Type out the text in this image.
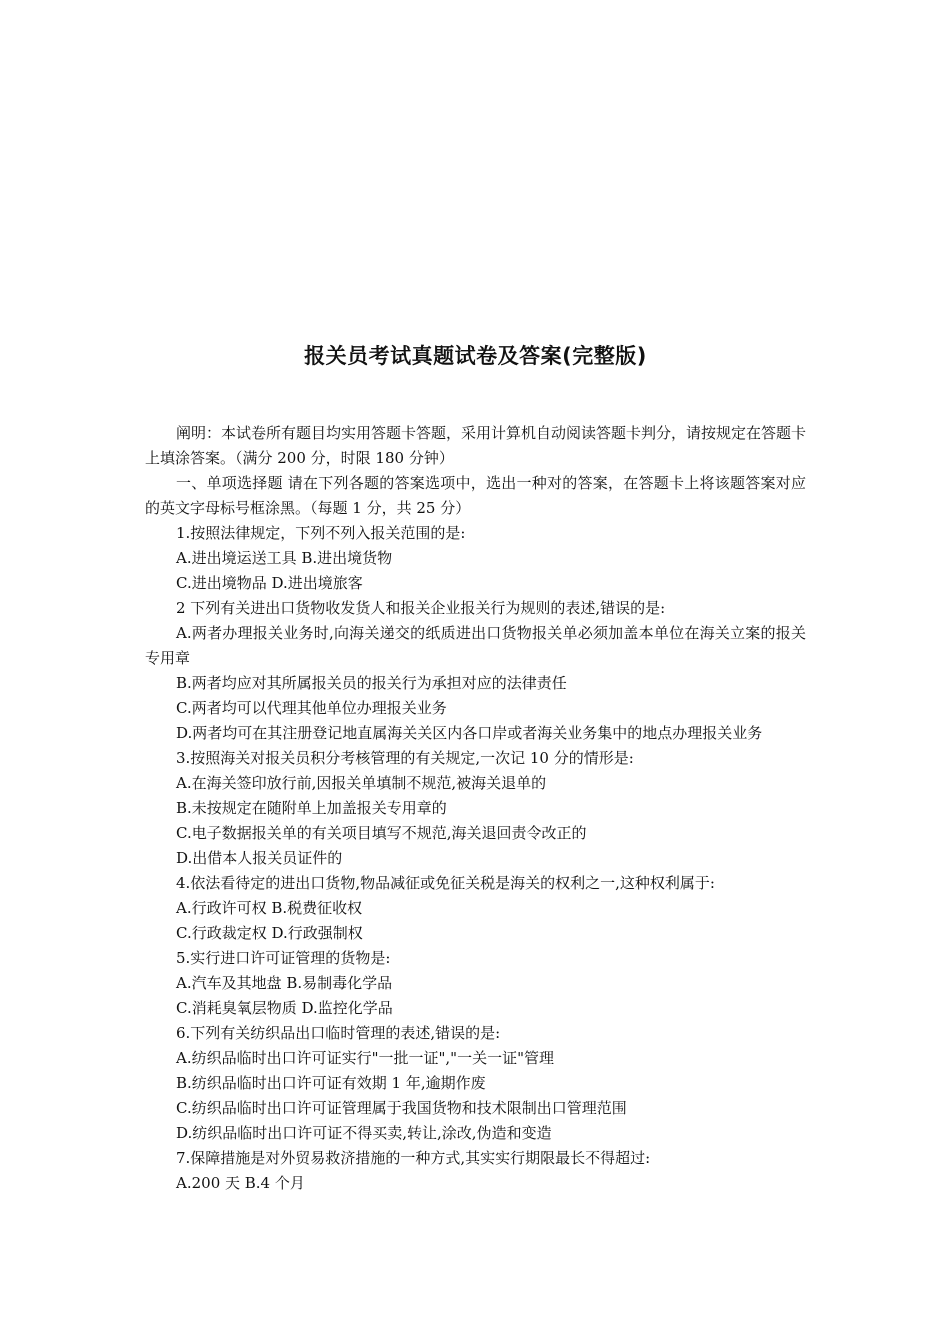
报关员考试真题试卷及答案(完整版)

阐明：本试卷所有题目均实用答题卡答题，采用计算机自动阅读答题卡判分，请按规定在答题卡上填涂答案。（满分 200 分，时限 180 分钟）

一、单项选择题 请在下列各题的答案选项中，选出一种对的答案，在答题卡上将该题答案对应的英文字母标号框涂黑。（每题 1 分，共 25 分）

1.按照法律规定，下列不列入报关范围的是:

A.进出境运送工具 B.进出境货物

C.进出境物品 D.进出境旅客

2 下列有关进出口货物收发货人和报关企业报关行为规则的表述,错误的是:

A.两者办理报关业务时,向海关递交的纸质进出口货物报关单必须加盖本单位在海关立案的报关专用章

B.两者均应对其所属报关员的报关行为承担对应的法律责任

C.两者均可以代理其他单位办理报关业务

D.两者均可在其注册登记地直属海关关区内各口岸或者海关业务集中的地点办理报关业务

3.按照海关对报关员积分考核管理的有关规定,一次记 10 分的情形是:

A.在海关签印放行前,因报关单填制不规范,被海关退单的

B.未按规定在随附单上加盖报关专用章的

C.电子数据报关单的有关项目填写不规范,海关退回责令改正的

D.出借本人报关员证件的

4.依法看待定的进出口货物,物品减征或免征关税是海关的权利之一,这种权利属于:

A.行政许可权 B.税费征收权

C.行政裁定权 D.行政强制权

5.实行进口许可证管理的货物是:

A.汽车及其地盘 B.易制毒化学品

C.消耗臭氧层物质 D.监控化学品

6.下列有关纺织品出口临时管理的表述,错误的是:

A.纺织品临时出口许可证实行"一批一证","一关一证"管理

B.纺织品临时出口许可证有效期 1 年,逾期作废

C.纺织品临时出口许可证管理属于我国货物和技术限制出口管理范围

D.纺织品临时出口许可证不得买卖,转让,涂改,伪造和变造

7.保障措施是对外贸易救济措施的一种方式,其实实行期限最长不得超过:

A.200 天 B.4 个月
